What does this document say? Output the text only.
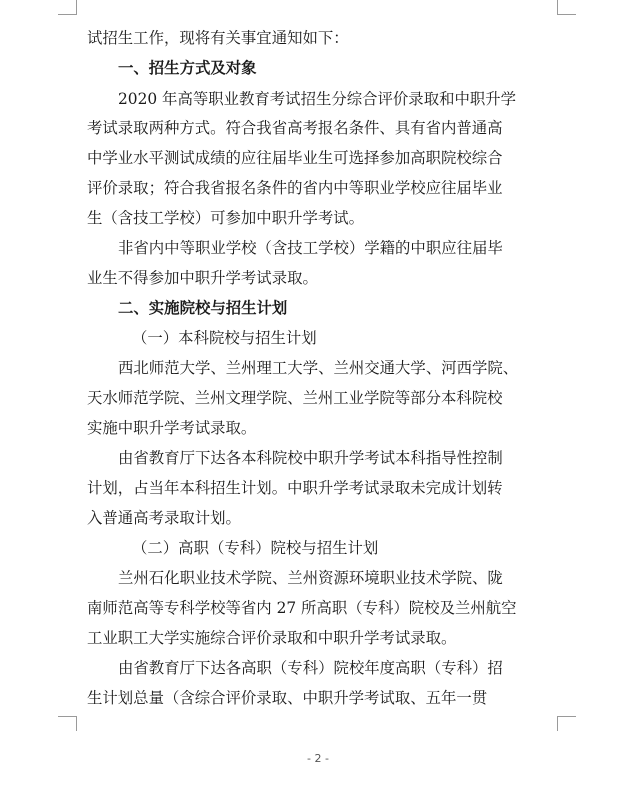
试招生工作，现将有关事宜通知如下：
一、招生方式及对象
2020 年高等职业教育考试招生分综合评价录取和中职升学
考试录取两种方式。符合我省高考报名条件、具有省内普通高
中学业水平测试成绩的应往届毕业生可选择参加高职院校综合
评价录取；符合我省报名条件的省内中等职业学校应往届毕业
生（含技工学校）可参加中职升学考试。
非省内中等职业学校（含技工学校）学籍的中职应往届毕
业生不得参加中职升学考试录取。
二、实施院校与招生计划
（一）本科院校与招生计划
西北师范大学、兰州理工大学、兰州交通大学、河西学院、
天水师范学院、兰州文理学院、兰州工业学院等部分本科院校
实施中职升学考试录取。
由省教育厅下达各本科院校中职升学考试本科指导性控制
计划，占当年本科招生计划。中职升学考试录取未完成计划转
入普通高考录取计划。
（二）高职（专科）院校与招生计划
兰州石化职业技术学院、兰州资源环境职业技术学院、陇
南师范高等专科学校等省内 27 所高职（专科）院校及兰州航空
工业职工大学实施综合评价录取和中职升学考试录取。
由省教育厅下达各高职（专科）院校年度高职（专科）招
生计划总量（含综合评价录取、中职升学考试取、五年一贯
- 2 -
